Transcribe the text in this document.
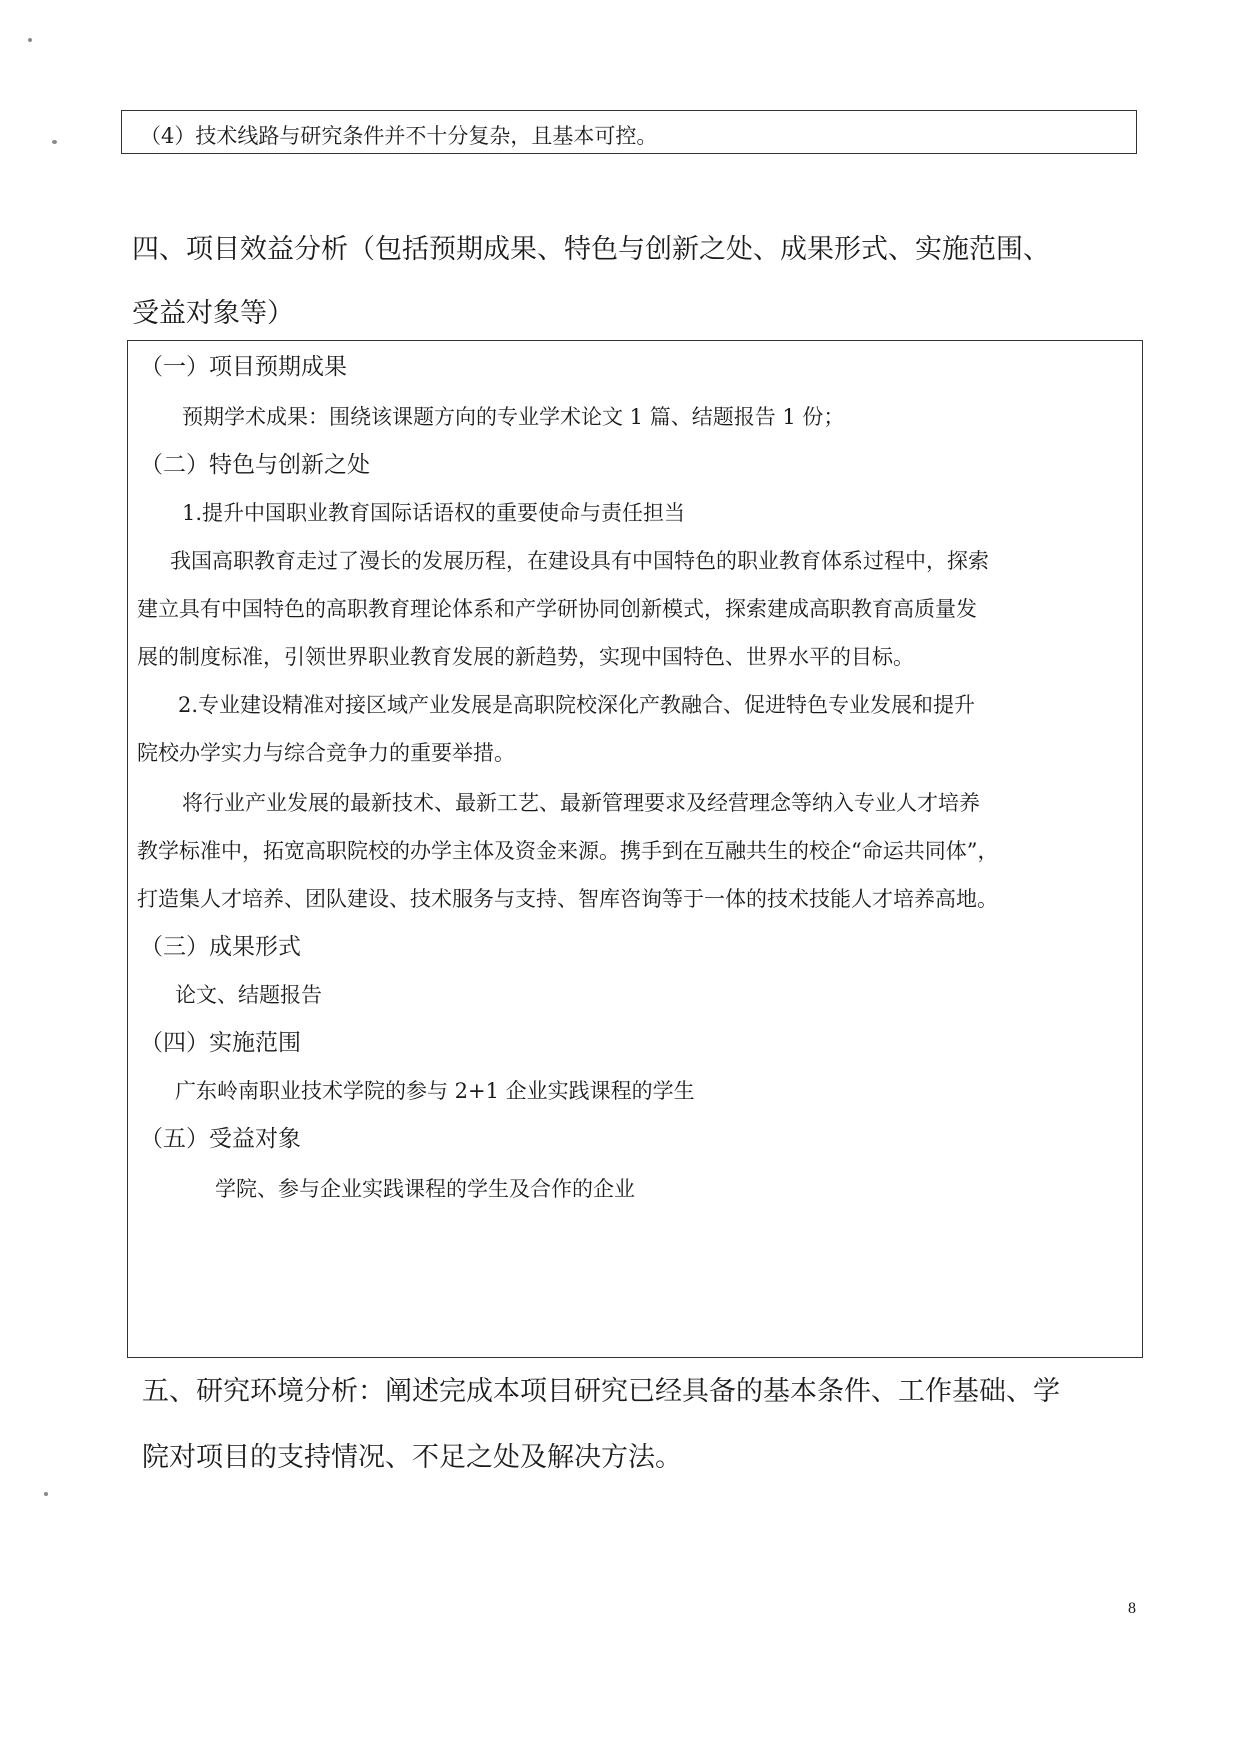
（4）技术线路与研究条件并不十分复杂，且基本可控。
四、项目效益分析（包括预期成果、特色与创新之处、成果形式、实施范围、
受益对象等）
（一）项目预期成果
预期学术成果：围绕该课题方向的专业学术论文 1 篇、结题报告 1 份；
（二）特色与创新之处
1.提升中国职业教育国际话语权的重要使命与责任担当
我国高职教育走过了漫长的发展历程，在建设具有中国特色的职业教育体系过程中，探索
建立具有中国特色的高职教育理论体系和产学研协同创新模式，探索建成高职教育高质量发
展的制度标准，引领世界职业教育发展的新趋势，实现中国特色、世界水平的目标。
2.专业建设精准对接区域产业发展是高职院校深化产教融合、促进特色专业发展和提升
院校办学实力与综合竞争力的重要举措。
将行业产业发展的最新技术、最新工艺、最新管理要求及经营理念等纳入专业人才培养
教学标准中，拓宽高职院校的办学主体及资金来源。携手到在互融共生的校企“命运共同体”，
打造集人才培养、团队建设、技术服务与支持、智库咨询等于一体的技术技能人才培养高地。
（三）成果形式
论文、结题报告
（四）实施范围
广东岭南职业技术学院的参与 2+1 企业实践课程的学生
（五）受益对象
学院、参与企业实践课程的学生及合作的企业
五、研究环境分析：阐述完成本项目研究已经具备的基本条件、工作基础、学
院对项目的支持情况、不足之处及解决方法。
8
